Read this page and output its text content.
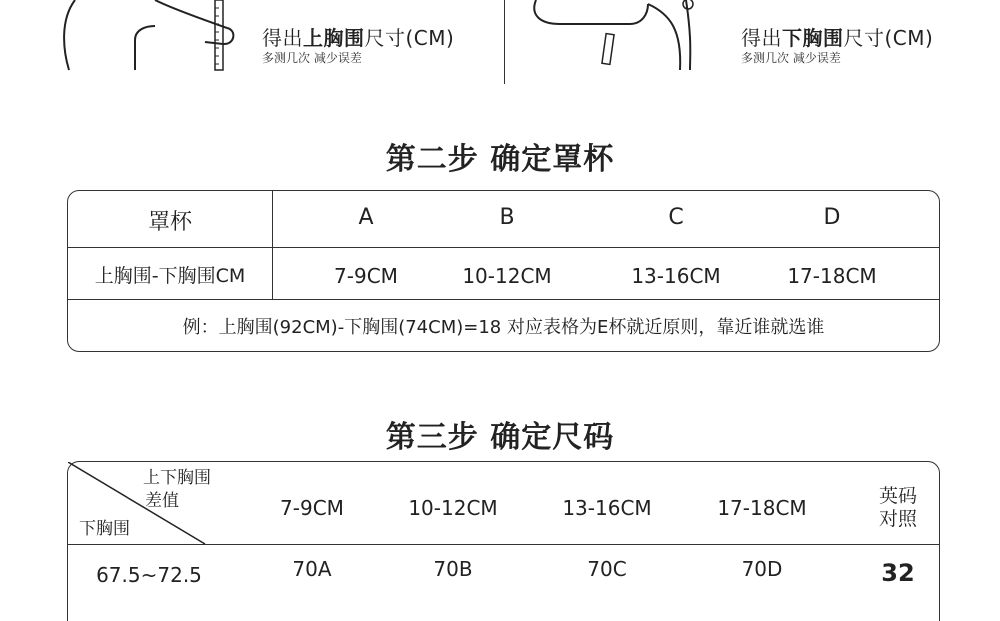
得出上胸围尺寸(CM)
多测几次 减少误差
得出下胸围尺寸(CM)
多测几次 减少误差
第二步 确定罩杯
罩杯	A	B	C	D
上胸围-下胸围CM	7-9CM	10-12CM	13-16CM	17-18CM
例：上胸围(92CM)-下胸围(74CM)=18 对应表格为E杯就近原则，靠近谁就选谁
第三步 确定尺码
上下胸围
差值
下胸围
7-9CM	10-12CM	13-16CM	17-18CM	英码
对照
67.5~72.5	70A	70B	70C	70D	32
